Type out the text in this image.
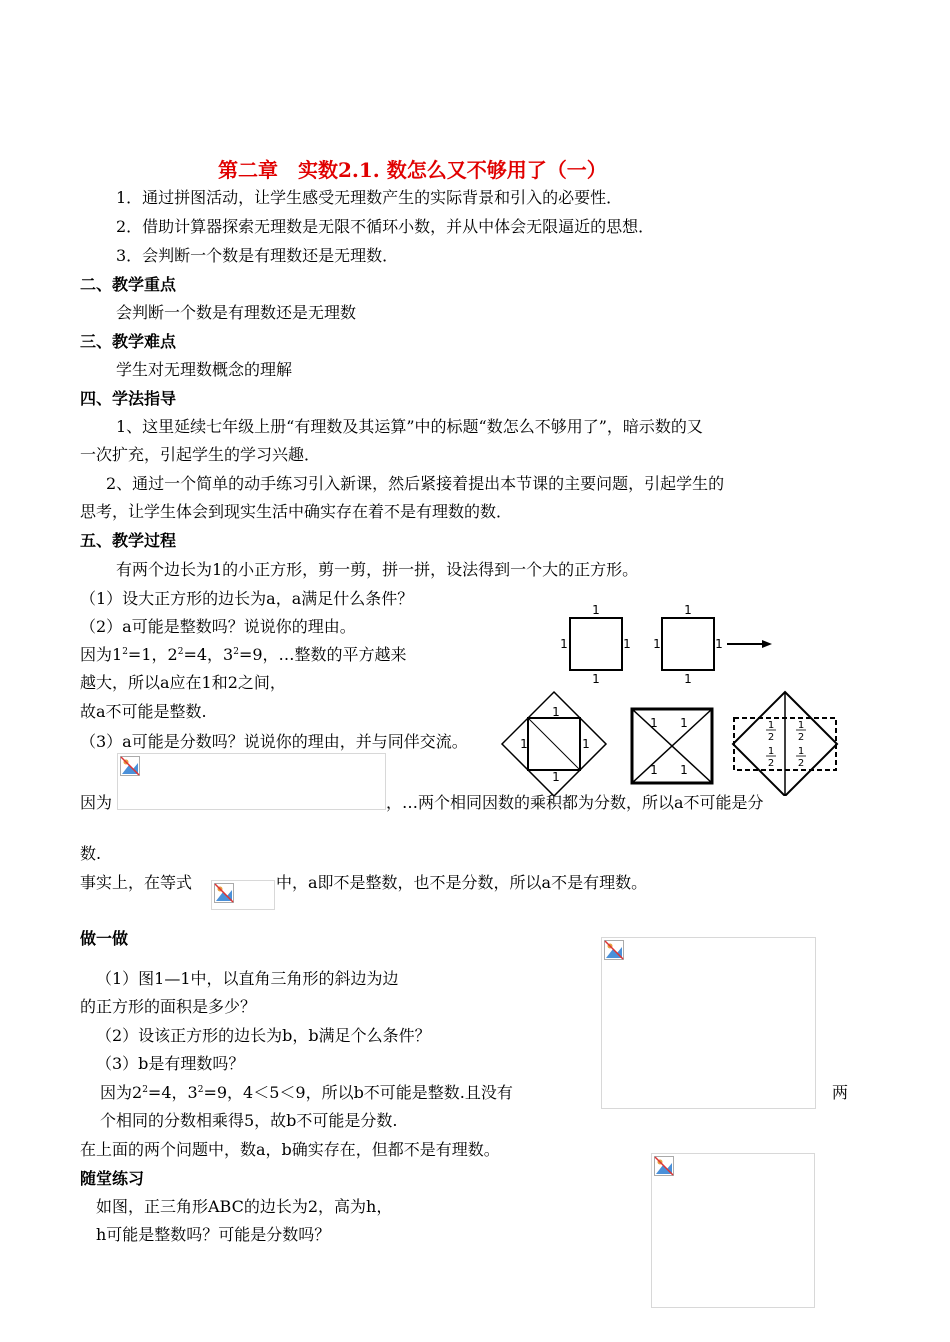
第二章　实数2.1. 数怎么又不够用了（一）
1．通过拼图活动，让学生感受无理数产生的实际背景和引入的必要性．
2．借助计算器探索无理数是无限不循环小数，并从中体会无限逼近的思想．
3．会判断一个数是有理数还是无理数．
二、教学重点
会判断一个数是有理数还是无理数
三、教学难点
学生对无理数概念的理解
四、学法指导
1、这里延续七年级上册“有理数及其运算”中的标题“数怎么不够用了”，暗示数的又
一次扩充，引起学生的学习兴趣．
2、通过一个简单的动手练习引入新课，然后紧接着提出本节课的主要问题，引起学生的
思考，让学生体会到现实生活中确实存在着不是有理数的数．
五、教学过程
有两个边长为1的小正方形，剪一剪，拼一拼，设法得到一个大的正方形。
（1）设大正方形的边长为a，a满足什么条件？
（2）a可能是整数吗？说说你的理由。
因为$1^2=1$，$2^2=4$，$3^2=9$，…整数的平方越来
越大，所以a应在1和2之间，
故a不可能是整数.
（3）a可能是分数吗？说说你的理由，并与同伴交流。
因为	，…两个相同因数的乘积都为分数，所以a不可能是分
数.
事实上，在等式	中，a即不是整数，也不是分数，所以a不是有理数。
1
1
1	1
1
1
1	1
1
1
1	1
1 1
1 1
1
2
1
2
1
2
1
2
做一做
（1）图1—1中，以直角三角形的斜边为边
的正方形的面积是多少？
（2）设该正方形的边长为b，b满足个么条件？
（3）b是有理数吗？
因为$2^2=4$，$3^2=9$，4＜5＜9，所以b不可能是整数.且没有	两
个相同的分数相乘得5，故b不可能是分数.
在上面的两个问题中，数a，b确实存在，但都不是有理数。
随堂练习
如图，正三角形ABC的边长为2，高为h，
h可能是整数吗？可能是分数吗？
